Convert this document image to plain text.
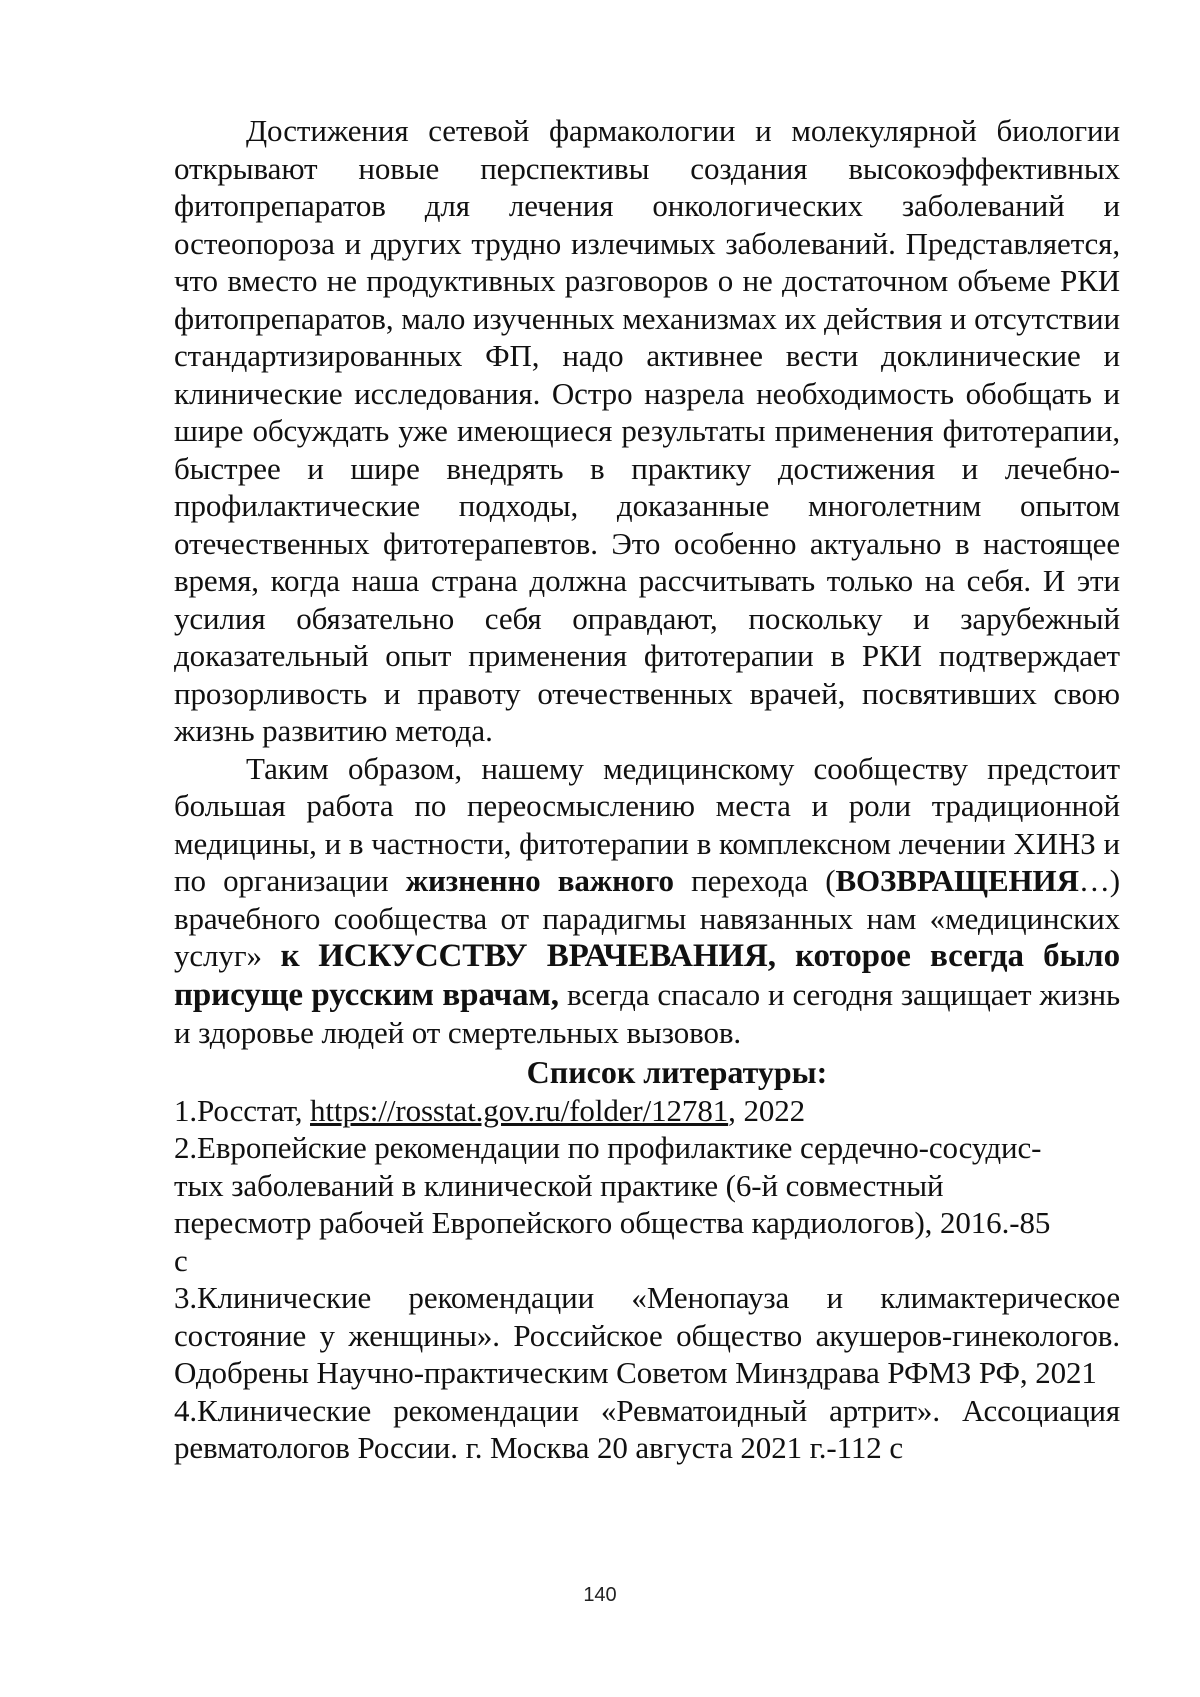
Достижения сетевой фармакологии и молекулярной биологии открывают новые перспективы создания высокоэффективных фитопрепаратов для лечения онкологических заболеваний и остеопороза и других трудно излечимых заболеваний. Представляется, что вместо не продуктивных разговоров о не достаточном объеме РКИ фитопрепаратов, мало изученных механизмах их действия и отсутствии стандартизированных ФП, надо активнее вести доклинические и клинические исследования. Остро назрела необходимость обобщать и шире обсуждать уже имеющиеся результаты применения фитотерапии, быстрее и шире внедрять в практику достижения и лечебно-профилактические подходы, доказанные многолетним опытом отечественных фитотерапевтов. Это особенно актуально в настоящее время, когда наша страна должна рассчитывать только на себя. И эти усилия обязательно себя оправдают, поскольку и зарубежный доказательный опыт применения фитотерапии в РКИ подтверждает прозорливость и правоту отечественных врачей, посвятивших свою жизнь развитию метода.

Таким образом, нашему медицинскому сообществу предстоит большая работа по переосмыслению места и роли традиционной медицины, и в частности, фитотерапии в комплексном лечении ХИНЗ и по организации жизненно важного перехода (ВОЗВРАЩЕНИЯ…) врачебного сообщества от парадигмы навязанных нам «медицинских услуг» к ИСКУССТВУ ВРАЧЕВАНИЯ, которое всегда было присуще русским врачам, всегда спасало и сегодня защищает жизнь и здоровье людей от смертельных вызовов.

Список литературы:

1.Росстат, https://rosstat.gov.ru/folder/12781, 2022

2.Европейские рекомендации по профилактике сердечно-сосудис-
тых заболеваний в клинической практике (6-й совместный
пересмотр рабочей Европейского общества кардиологов), 2016.-85
с

3.Клинические рекомендации «Менопауза и климактерическое состояние у женщины». Российское общество акушеров-гинекологов. Одобрены Научно-практическим Советом Минздрава РФМЗ РФ, 2021

4.Клинические рекомендации «Ревматоидный артрит». Ассоциация ревматологов России. г. Москва 20 августа 2021 г.-112 с

140
